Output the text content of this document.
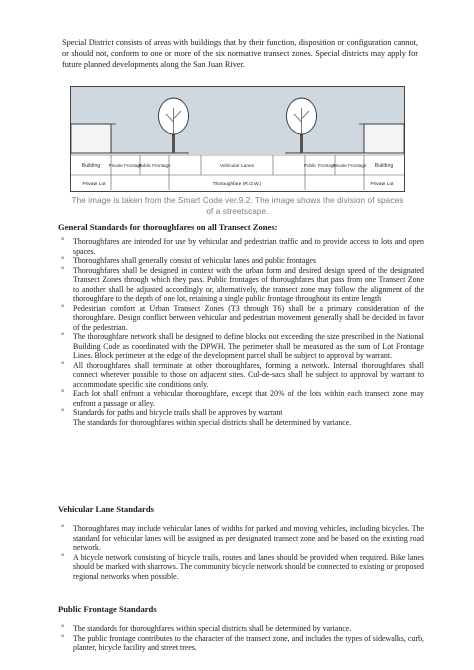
Special District consists of areas with buildings that by their function, disposition or configuration cannot, or should not, conform to one or more of the six normative transect zones. Special districts may apply for future planned developments along the San Juan River.

Building Private Frontage
Public Frontage	Vehicular Lanes	Public Frontage
Private Frontage Building
Private Lot	Thoroughfare (R.O.W.)	Private Lot
The image is taken from the Smart Code ver.9.2. The image shows the division of spaces of a streetscape.
General Standards for thoroughfares on all Transect Zones:
° Thoroughfares are intended for use by vehicular and pedestrian traffic and to provide access to lots and open spaces.
° Thoroughfares shall generally consist of vehicular lanes and public frontages
° Thoroughfares shall be designed in context with the urban form and desired design speed of the designated Transect Zones through which they pass. Public frontages of thoroughfares that pass from one Transect Zone to another shall be adjusted accordingly or, alternatively, the transect zone may follow the alignment of the thoroughfare to the depth of one lot, retaining a single public frontage throughout its entire length
° Pedestrian comfort at Urban Transect Zones (T3 through T6) shall be a primary consideration of the thoroughfare. Design conflict between vehicular and pedestrian movement generally shall be decided in favor of the pedestrian.
° The thoroughfare network shall be designed to define blocks not exceeding the size prescribed in the National Building Code as coordinated with the DPWH. The perimeter shall be measured as the sum of Lot Frontage Lines. Block perimeter at the edge of the development parcel shall be subject to approval by warrant.
° All thoroughfares shall terminate at other thoroughfares, forming a network. Internal thoroughfares shall connect wherever possible to those on adjacent sites. Cul-de-sacs shall be subject to approval by warrant to accommodate specific site conditions only.
° Each lot shall enfront a vehicular thoroughfare, except that 20% of the lots within each transect zone may enfront a passage or alley.
° Standards for paths and bicycle trails shall be approves by warrant
The standards for thoroughfares within special districts shall be determined by variance.
Vehicular Lane Standards
° Thoroughfares may include vehicular lanes of widths for parked and moving vehicles, including bicycles. The standard for vehicular lanes will be assigned as per designated transect zone and be based on the existing road network.
° A bicycle network consisting of bicycle trails, routes and lanes should be provided when required. Bike lanes should be marked with sharrows. The community bicycle network should be connected to existing or proposed regional networks when possible.
Public Frontage Standards
° The standards for thoroughfares within special districts shall be determined by variance.
° The public frontage contributes to the character of the transect zone, and includes the types of sidewalks, curb, planter, bicycle facility and street trees.
